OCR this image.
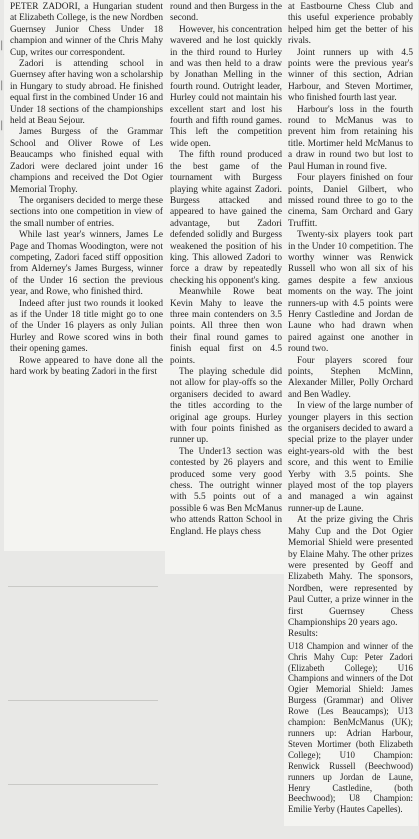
|
|
|

PETER ZADORI, a Hungarian student at Elizabeth College, is the new Nordben Guernsey Junior Chess Under 18 champion and winner of the Chris Mahy Cup, writes our correspondent.

Zadori is attending school in Guernsey after having won a scholarship in Hungary to study abroad. He finished equal first in the combined Under 16 and Under 18 sections of the championships held at Beau Sejour.

James Burgess of the Grammar School and Oliver Rowe of Les Beaucamps who finished equal with Zadori were declared joint under 16 champions and received the Dot Ogier Memorial Trophy.

The organisers decided to merge these sections into one competition in view of the small number of entries.

While last year's winners, James Le Page and Thomas Woodington, were not competing, Zadori faced stiff opposition from Alderney's James Burgess, winner of the Under 16 section the previous year, and Rowe, who finished third.

Indeed after just two rounds it looked as if the Under 18 title might go to one of the Under 16 players as only Julian Hurley and Rowe scored wins in both their opening games.

Rowe appeared to have done all the hard work by beating Zadori in the first

round and then Burgess in the second.

However, his concentration wavered and he lost quickly in the third round to Hurley and was then held to a draw by Jonathan Melling in the fourth round. Outright leader, Hurley could not maintain his excellent start and lost his fourth and fifth round games. This left the competition wide open.

The fifth round produced the best game of the tournament with Burgess playing white against Zadori. Burgess attacked and appeared to have gained the advantage, but Zadori defended solidly and Burgess weakened the position of his king. This allowed Zadori to force a draw by repeatedly checking his opponent's king.

Meanwhile Rowe beat Kevin Mahy to leave the three main contenders on 3.5 points. All three then won their final round games to finish equal first on 4.5 points.

The playing schedule did not allow for play-offs so the organisers decided to award the titles according to the original age groups. Hurley with four points finished as runner up.

The Under13 section was contested by 26 players and produced some very good chess. The outright winner with 5.5 points out of a possible 6 was Ben McManus who attends Ratton School in England. He plays chess

at Eastbourne Chess Club and this useful experience probably helped him get the better of his rivals.

Joint runners up with 4.5 points were the previous year's winner of this section, Adrian Harbour, and Steven Mortimer, who finished fourth last year.

Harbour's loss in the fourth round to McManus was to prevent him from retaining his title. Mortimer held McManus to a draw in round two but lost to Paul Human in round five.

Four players finished on four points, Daniel Gilbert, who missed round three to go to the cinema, Sam Orchard and Gary Truffitt.

Twenty-six players took part in the Under 10 competition. The worthy winner was Renwick Russell who won all six of his games despite a few anxious moments on the way. The joint runners-up with 4.5 points were Henry Castledine and Jordan de Laune who had drawn when paired against one another in round two.

Four players scored four points, Stephen McMinn, Alexander Miller, Polly Orchard and Ben Wadley.

In view of the large number of younger players in this section the organisers decided to award a special prize to the player under eight-years-old with the best score, and this went to Emilie Yerby with 3.5 points. She played most of the top players and managed a win against runner-up de Laune.

At the prize giving the Chris Mahy Cup and the Dot Ogier Memorial Shield were presented by Elaine Mahy. The other prizes were presented by Geoff and Elizabeth Mahy. The sponsors, Nordben, were represented by Paul Cutter, a prize winner in the first Guernsey Chess Championships 20 years ago.

Results:

U18 Champion and winner of the Chris Mahy Cup: Peter Zadori (Elizabeth College); U16 Champions and winners of the Dot Ogier Memorial Shield: James Burgess (Grammar) and Oliver Rowe (Les Beaucamps); U13 champion: BenMcManus (UK); runners up: Adrian Harbour, Steven Mortimer (both Elizabeth College); U10 Champion: Renwick Russell (Beechwood) runners up Jordan de Laune, Henry Castledine, (both Beechwood); U8 Champion: Emilie Yerby (Hautes Capelles).
